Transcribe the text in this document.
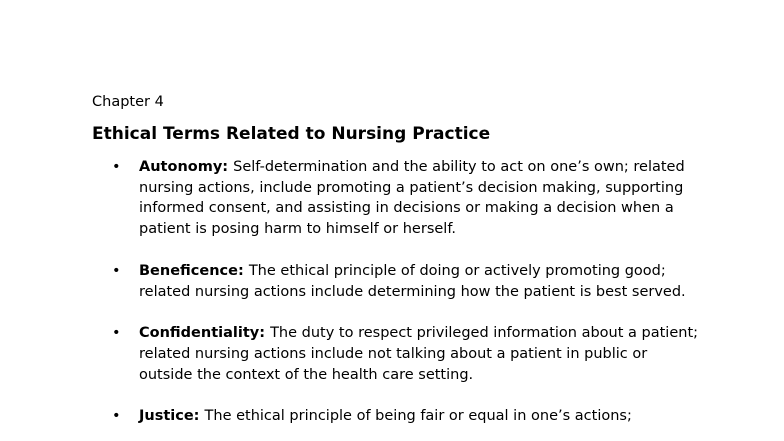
Chapter 4
Ethical Terms Related to Nursing Practice
• Autonomy: Self-determination and the ability to act on one’s own; related nursing actions, include promoting a patient’s decision making, supporting informed consent, and assisting in decisions or making a decision when a patient is posing harm to himself or herself.
• Beneficence: The ethical principle of doing or actively promoting good; related nursing actions include determining how the patient is best served.
• Confidentiality: The duty to respect privileged information about a patient; related nursing actions include not talking about a patient in public or outside the context of the health care setting.
• Justice: The ethical principle of being fair or equal in one’s actions;
